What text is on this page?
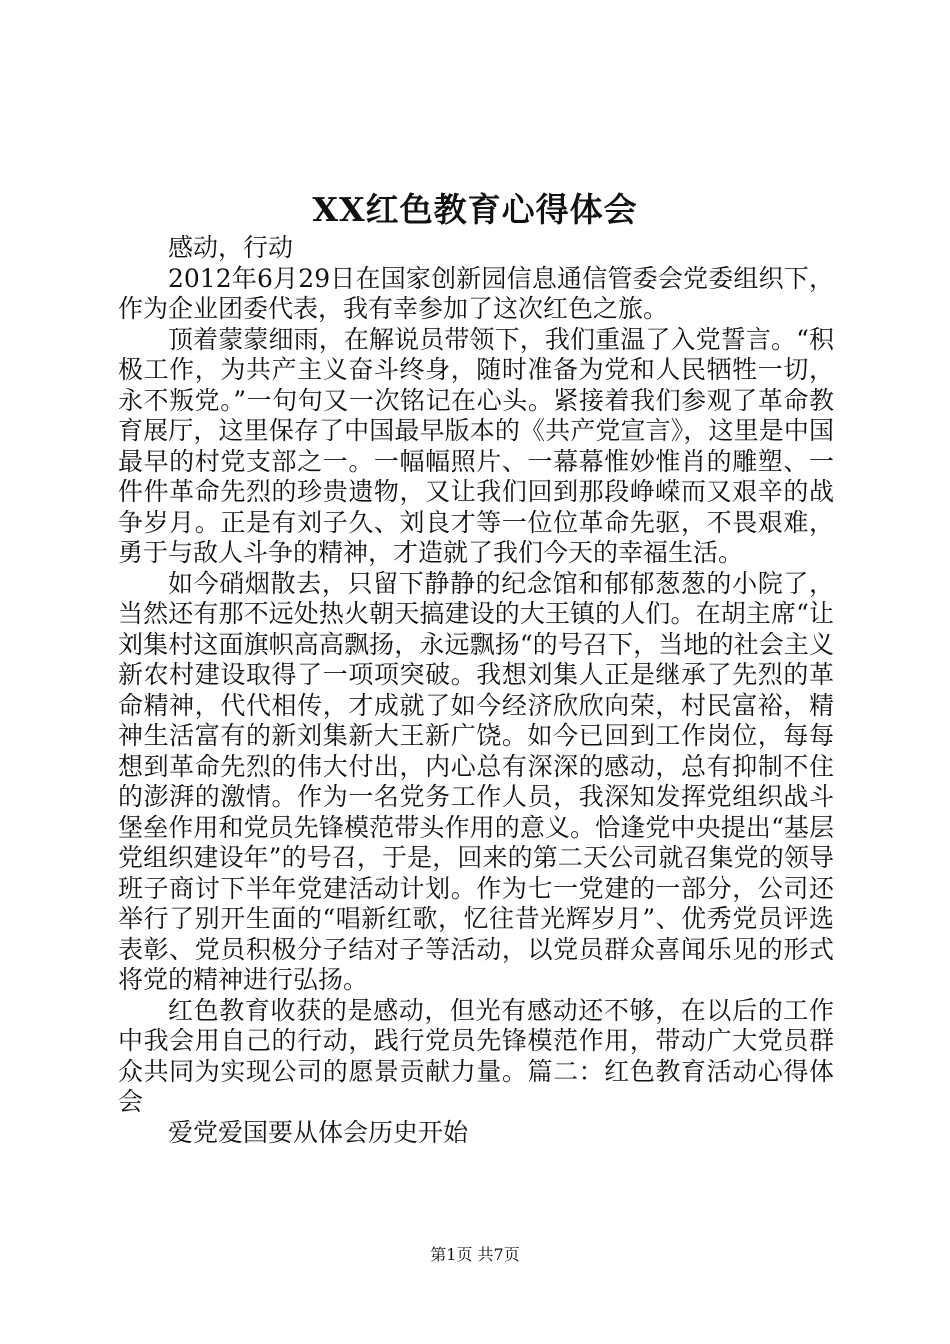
XX红色教育心得体会

感动，行动

2012年6月29日在国家创新园信息通信管委会党委组织下，作为企业团委代表，我有幸参加了这次红色之旅。

顶着蒙蒙细雨，在解说员带领下，我们重温了入党誓言。“积极工作，为共产主义奋斗终身，随时准备为党和人民牺牲一切，永不叛党。”一句句又一次铭记在心头。紧接着我们参观了革命教育展厅，这里保存了中国最早版本的《共产党宣言》，这里是中国最早的村党支部之一。一幅幅照片、一幕幕惟妙惟肖的雕塑、一件件革命先烈的珍贵遗物，又让我们回到那段峥嵘而又艰辛的战争岁月。正是有刘子久、刘良才等一位位革命先驱，不畏艰难，勇于与敌人斗争的精神，才造就了我们今天的幸福生活。

如今硝烟散去，只留下静静的纪念馆和郁郁葱葱的小院了，当然还有那不远处热火朝天搞建设的大王镇的人们。在胡主席“让刘集村这面旗帜高高飘扬，永远飘扬“的号召下，当地的社会主义新农村建设取得了一项项突破。我想刘集人正是继承了先烈的革命精神，代代相传，才成就了如今经济欣欣向荣，村民富裕，精神生活富有的新刘集新大王新广饶。如今已回到工作岗位，每每想到革命先烈的伟大付出，内心总有深深的感动，总有抑制不住的澎湃的激情。作为一名党务工作人员，我深知发挥党组织战斗堡垒作用和党员先锋模范带头作用的意义。恰逢党中央提出“基层党组织建设年”的号召，于是，回来的第二天公司就召集党的领导班子商讨下半年党建活动计划。作为七一党建的一部分，公司还举行了别开生面的“唱新红歌，忆往昔光辉岁月”、优秀党员评选表彰、党员积极分子结对子等活动，以党员群众喜闻乐见的形式将党的精神进行弘扬。

红色教育收获的是感动，但光有感动还不够，在以后的工作中我会用自己的行动，践行党员先锋模范作用，带动广大党员群众共同为实现公司的愿景贡献力量。篇二：红色教育活动心得体会

爱党爱国要从体会历史开始

第1页 共7页
